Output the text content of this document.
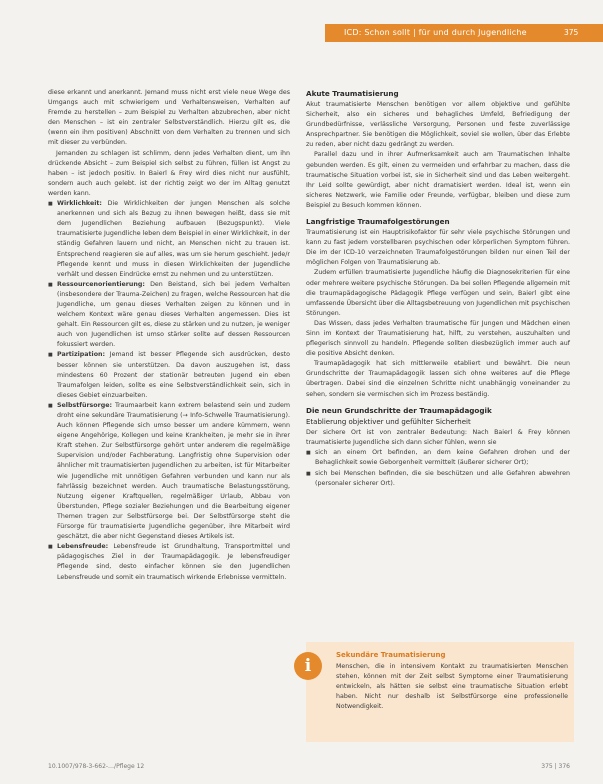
ICD: Schon sollt | für und durch Jugendliche	375

diese erkannt und anerkannt. Jemand muss nicht erst viele neue Wege des Umgangs auch mit schwierigem und Verhaltensweisen, Verhalten auf Fremde zu herstellen – zum Beispiel zu Verhalten abzubrechen, aber nicht den Menschen – ist ein zentraler Selbstverständlich. Hierzu gilt es, die (wenn ein ihm positiven) Abschnitt von dem Verhalten zu trennen und sich mit dieser zu verbünden.

Jemanden zu schlagen ist schlimm, denn jedes Verhalten dient, um ihn drückende Absicht – zum Beispiel sich selbst zu führen, füllen ist Angst zu haben – ist jedoch positiv. In Baierl & Frey wird dies nicht nur ausfühlt, sondern auch auch gelebt. ist der richtig zeigt wo der im Alltag genutzt werden kann.

■ Wirklichkeit: Die Wirklichkeiten der jungen Menschen als solche anerkennen und sich als Bezug zu ihnen bewegen heißt, dass sie mit dem Jugendlichen Beziehung aufbauen (Bezugspunkt). Viele traumatisierte Jugendliche leben dem Beispiel in einer Wirklichkeit, in der ständig Gefahren lauern und nicht, an Menschen nicht zu trauen ist. Entsprechend reagieren sie auf alles, was um sie herum geschieht. Jede/r Pflegende kennt und muss in diesen Wirklichkeiten der Jugendliche verhält und dessen Eindrücke ernst zu nehmen und zu unterstützen.
■ Ressourcenorientierung: Den Beistand, sich bei jedem Verhalten (insbesondere der Trauma-Zeichen) zu fragen, welche Ressourcen hat die Jugendliche, um genau dieses Verhalten zeigen zu können und in welchem Kontext wäre genau dieses Verhalten angemessen. Dies ist gehalt. Ein Ressourcen gilt es, diese zu stärken und zu nutzen, je weniger auch von Jugendlichen ist umso stärker sollte auf dessen Ressourcen fokussiert werden.
■ Partizipation: Jemand ist besser Pflegende sich ausdrücken, desto besser können sie unterstützen. Da davon auszugehen ist, dass mindestens 60 Prozent der stationär betreuten Jugend ein eben Traumafolgen leiden, sollte es eine Selbstverständlichkeit sein, sich in dieses Gebiet einzuarbeiten.
■ Selbstfürsorge: Traumaarbeit kann extrem belastend sein und zudem droht eine sekundäre Traumatisierung (→ Info-Schwelle Traumatisierung). Auch können Pflegende sich umso besser um andere kümmern, wenn eigene Angehörige, Kollegen und keine Krankheiten, je mehr sie in ihrer Kraft stehen. Zur Selbstfürsorge gehört unter anderem die regelmäßige Supervision und/oder Fachberatung. Langfristig ohne Supervision oder ähnlicher mit traumatisierten Jugendlichen zu arbeiten, ist für Mitarbeiter wie Jugendliche mit unnötigen Gefahren verbunden und kann nur als fahrlässig bezeichnet werden. Auch traumatische Belastungsstörung, Nutzung eigener Kraftquellen, regelmäßiger Urlaub, Abbau von Überstunden, Pflege sozialer Beziehungen und die Bearbeitung eigener Themen tragen zur Selbstfürsorge bei. Der Selbstfürsorge steht die Fürsorge für traumatisierte Jugendliche gegenüber, ihre Mitarbeit wird geschätzt, die aber nicht Gegenstand dieses Artikels ist.
■ Lebensfreude: Lebensfreude ist Grundhaltung, Transportmittel und pädagogisches Ziel in der Traumapädagogik. Je lebensfreudiger Pflegende sind, desto einfacher können sie den Jugendlichen Lebensfreude und somit ein traumatisch wirkende Erlebnisse vermitteln.
Akute Traumatisierung

Akut traumatisierte Menschen benötigen vor allem objektive und gefühlte Sicherheit, also ein sicheres und behagliches Umfeld, Befriedigung der Grundbedürfnisse, verlässliche Versorgung, Personen und feste zuverlässige Ansprechpartner. Sie benötigen die Möglichkeit, soviel sie wollen, über das Erlebte zu reden, aber nicht dazu gedrängt zu werden.

Parallel dazu und in ihrer Aufmerksamkeit auch am Traumatischen Inhalte gebunden werden. Es gilt, einen zu vermeiden und erfahrbar zu machen, dass die traumatische Situation vorbei ist, sie in Sicherheit sind und das Leben weitergeht. Ihr Leid sollte gewürdigt, aber nicht dramatisiert werden. Ideal ist, wenn ein sicheres Netzwerk, wie Familie oder Freunde, verfügbar, bleiben und diese zum Beispiel zu Besuch kommen können.

Langfristige Traumafolgestörungen

Traumatisierung ist ein Hauptrisikofaktor für sehr viele psychische Störungen und kann zu fast jedem vorstellbaren psychischen oder körperlichen Symptom führen. Die im der ICD-10 verzeichneten Traumafolgestörungen bilden nur einen Teil der möglichen Folgen von Traumatisierung ab.

Zudem erfüllen traumatisierte Jugendliche häufig die Diagnosekriterien für eine oder mehrere weitere psychische Störungen. Da bei sollen Pflegende allgemein mit die traumapädagogische Pädagogik Pflege verfügen und sein, Baierl gibt eine umfassende Übersicht über die Alltagsbetreuung von Jugendlichen mit psychischen Störungen.

Das Wissen, dass jedes Verhalten traumatische für Jungen und Mädchen einen Sinn im Kontext der Traumatisierung hat, hilft, zu verstehen, auszuhalten und pflegerisch sinnvoll zu handeln. Pflegende sollten diesbezüglich immer auch auf die positive Absicht denken.

Traumapädagogik hat sich mittlerweile etabliert und bewährt. Die neun Grundschritte der Traumapädagogik lassen sich ohne weiteres auf die Pflege übertragen. Dabei sind die einzelnen Schritte nicht unabhängig voneinander zu sehen, sondern sie vermischen sich im Prozess beständig.

Die neun Grundschritte der Traumapädagogik
Etablierung objektiver und gefühlter Sicherheit

Der sichere Ort ist von zentraler Bedeutung: Nach Baierl & Frey können traumatisierte Jugendliche sich dann sicher fühlen, wenn sie

■ sich an einem Ort befinden, an dem keine Gefahren drohen und der Behaglichkeit sowie Geborgenheit vermittelt (äußerer sicherer Ort);
■ sich bei Menschen befinden, die sie beschützen und alle Gefahren abwehren (personaler sicherer Ort).
i
Sekundäre Traumatisierung
Menschen, die in intensivem Kontakt zu traumatisierten Menschen stehen, können mit der Zeit selbst Symptome einer Traumatisierung entwickeln, als hätten sie selbst eine traumatische Situation erlebt haben. Nicht nur deshalb ist Selbstfürsorge eine professionelle Notwendigkeit.
10.1007/978-3-662-…/Pflege 12	375 | 376
